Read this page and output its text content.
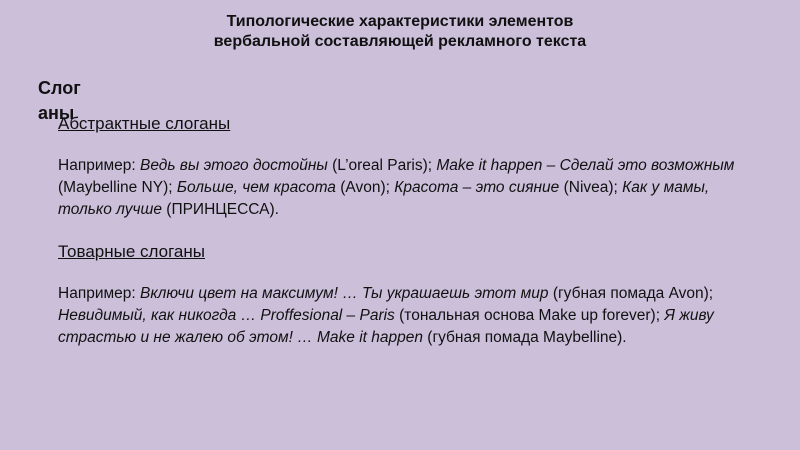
Типологические характеристики элементов
вербальной составляющей рекламного текста
Слоганы

Абстрактные слоганы

Например: Ведь вы этого достойны (L’oreal Paris); Make it happen – Сделай это возможным (Maybelline NY); Больше, чем красота (Avon); Красота – это сияние (Nivea); Как у мамы, только лучше (ПРИНЦЕССА).

Товарные слоганы

Например: Включи цвет на максимум! … Ты украшаешь этот мир (губная помада Avon); Невидимый, как никогда … Proffesional – Paris (тональная основа Make up forever); Я живу страстью и не жалею об этом! … Make it happen (губная помада Maybelline).
